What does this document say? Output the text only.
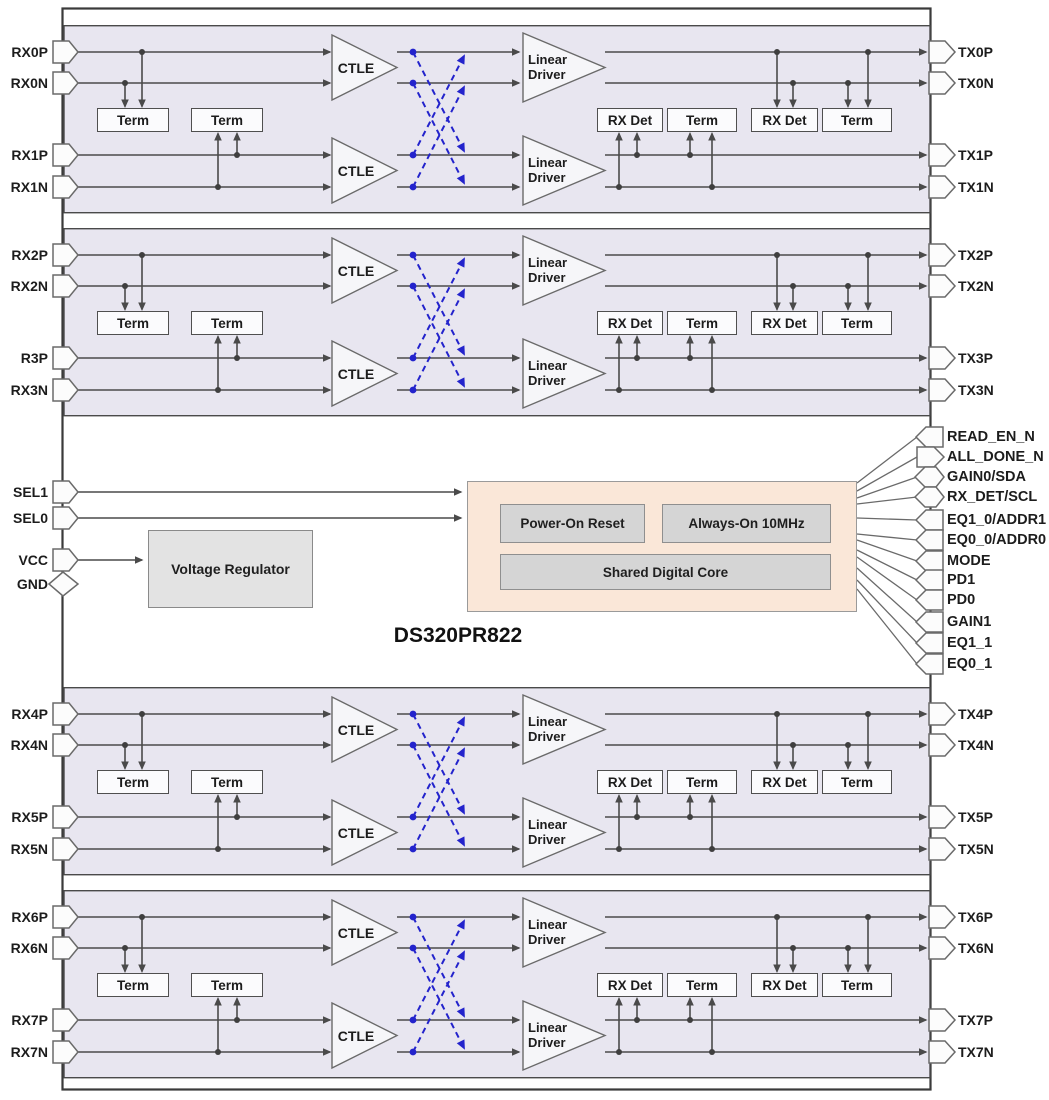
Power-On Reset	Always-On 10MHz
Shared Digital Core
Voltage Regulator
DS320PR822
SEL1
SEL0
VCC
GND
READ_EN_N
ALL_DONE_N
GAIN0/SDA
RX_DET/SCL
EQ1_0/ADDR1
EQ0_0/ADDR0
MODE
PD1
PD0
GAIN1
EQ1_1
EQ0_1
RX0P
RX0N
RX1P
RX1N
TX0P
TX0N
TX1P
TX1N
CTLE
CTLE
Linear Driver
Linear Driver
Term	Term	RX Det	Term	RX Det	Term
RX2P
RX2N
R3P
RX3N
TX2P
TX2N
TX3P
TX3N
CTLE
CTLE
Linear Driver
Linear Driver
Term	Term	RX Det	Term	RX Det	Term
RX4P
RX4N
RX5P
RX5N
TX4P
TX4N
TX5P
TX5N
CTLE
CTLE
Linear Driver
Linear Driver
Term	Term	RX Det	Term	RX Det	Term
RX6P
RX6N
RX7P
RX7N
TX6P
TX6N
TX7P
TX7N
CTLE
CTLE
Linear Driver
Linear Driver
Term	Term	RX Det	Term	RX Det	Term
